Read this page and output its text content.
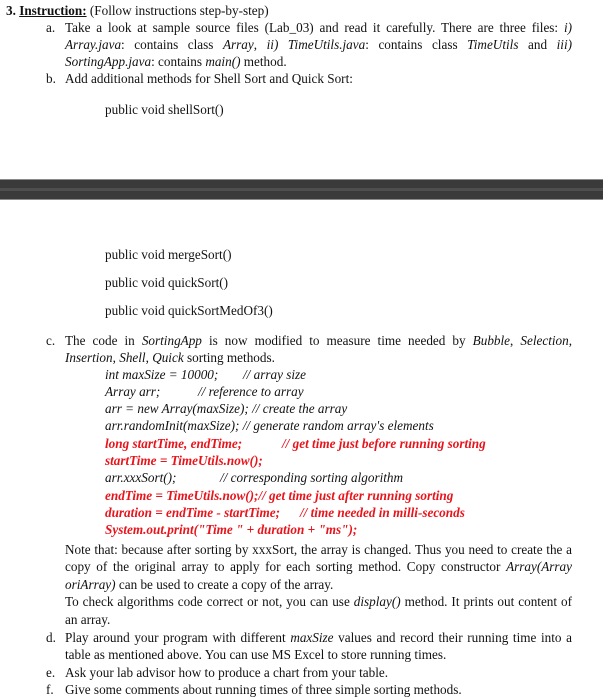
3. Instruction: (Follow instructions step-by-step)
a. Take a look at sample source files (Lab_03) and read it carefully. There are three files: i)
Array.java: contains class Array, ii) TimeUtils.java: contains class TimeUtils and iii)
SortingApp.java: contains main() method.
b. Add additional methods for Shell Sort and Quick Sort:
public void shellSort()
public void mergeSort()
public void quickSort()
public void quickSortMedOf3()
c. The code in SortingApp is now modified to measure time needed by Bubble, Selection,
Insertion, Shell, Quick sorting methods.
int maxSize = 10000; // array size
Array arr;	// reference to array
arr = new Array(maxSize); // create the array
arr.randomInit(maxSize); // generate random array's elements
long startTime, endTime;	// get time just before running sorting
startTime = TimeUtils.now();
arr.xxxSort();	// corresponding sorting algorithm
endTime = TimeUtils.now();// get time just after running sorting
duration = endTime - startTime; // time needed in milli-seconds
System.out.print("Time " + duration + "ms");
Note that: because after sorting by xxxSort, the array is changed. Thus you need to create the a
copy of the original array to apply for each sorting method. Copy constructor Array(Array
oriArray) can be used to create a copy of the array.
To check algorithms code correct or not, you can use display() method. It prints out content of
an array.
d. Play around your program with different maxSize values and record their running time into a
table as mentioned above. You can use MS Excel to store running times.
e. Ask your lab advisor how to produce a chart from your table.
f. Give some comments about running times of three simple sorting methods.
